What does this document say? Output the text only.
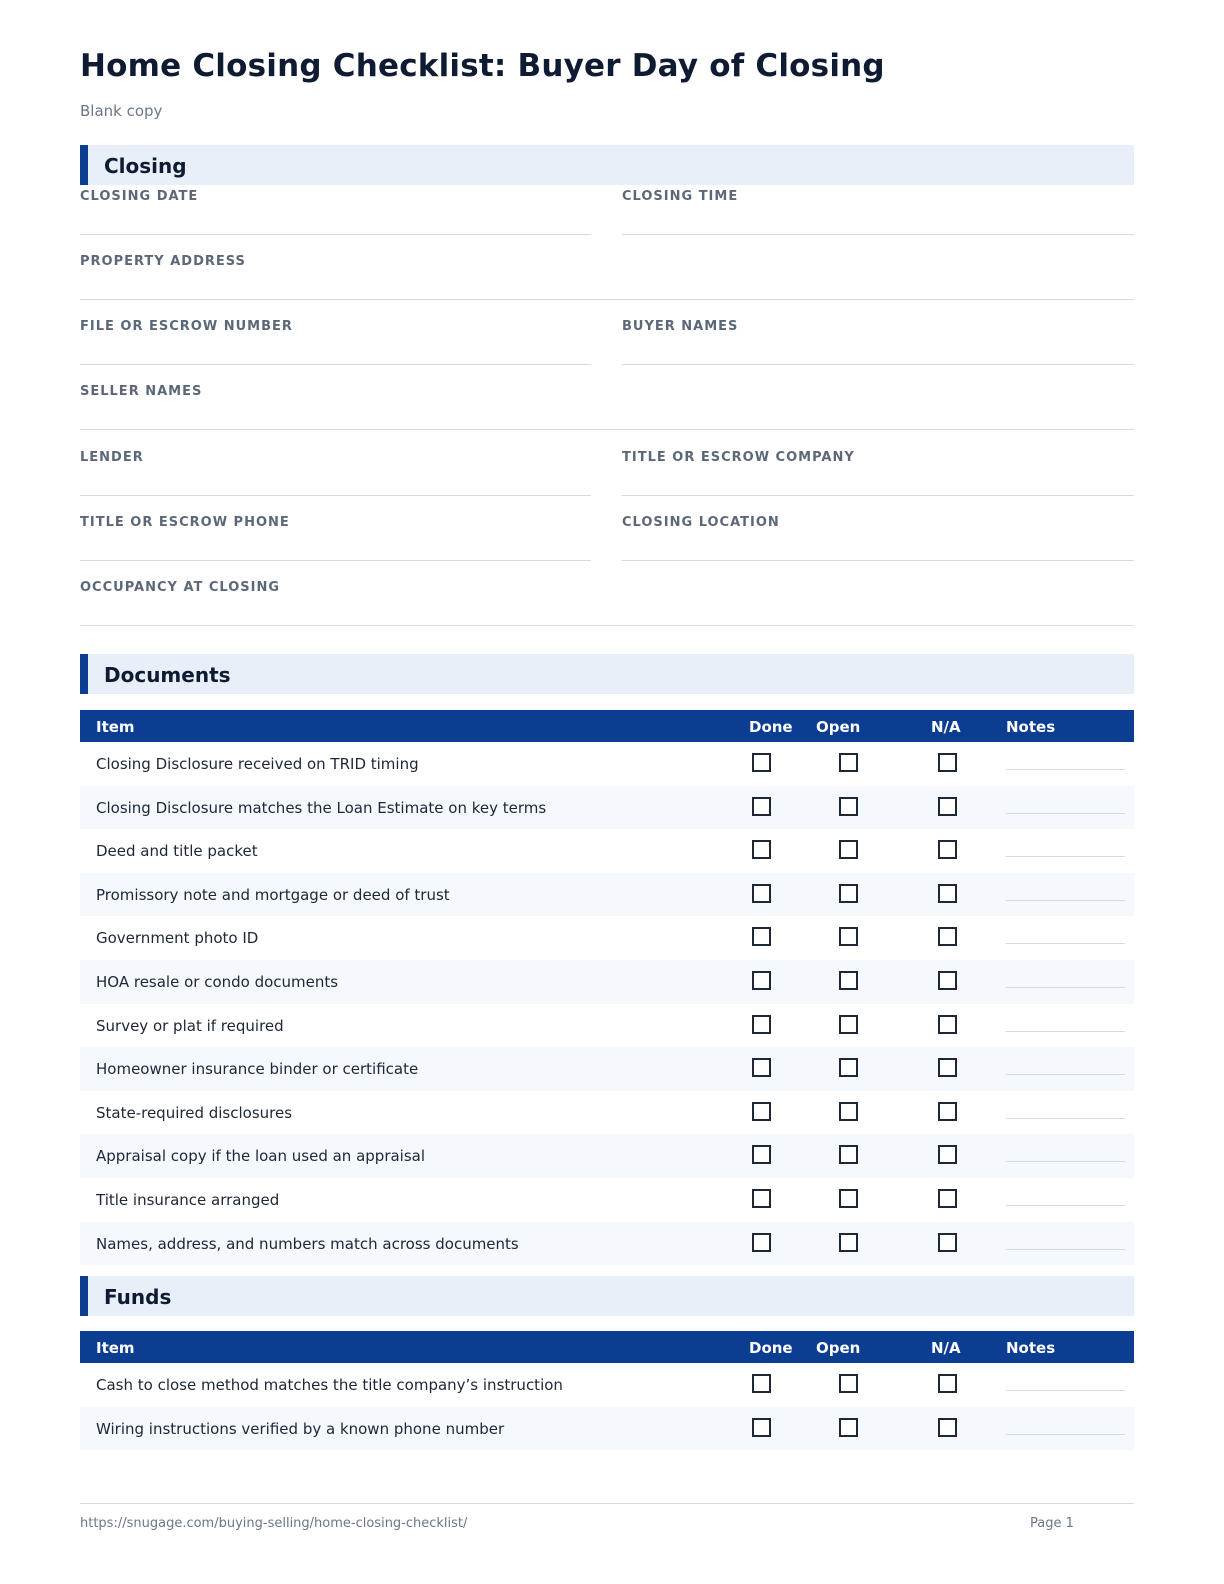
Home Closing Checklist: Buyer Day of Closing
Blank copy
Closing
CLOSING DATE	CLOSING TIME
PROPERTY ADDRESS
FILE OR ESCROW NUMBER	BUYER NAMES
SELLER NAMES
LENDER	TITLE OR ESCROW COMPANY
TITLE OR ESCROW PHONE	CLOSING LOCATION
OCCUPANCY AT CLOSING
Documents
Item	Done Open	N/A	Notes
Closing Disclosure received on TRID timing
Closing Disclosure matches the Loan Estimate on key terms
Deed and title packet
Promissory note and mortgage or deed of trust
Government photo ID
HOA resale or condo documents
Survey or plat if required
Homeowner insurance binder or certificate
State-required disclosures
Appraisal copy if the loan used an appraisal
Title insurance arranged
Names, address, and numbers match across documents
Funds
Item	Done Open	N/A	Notes
Cash to close method matches the title company’s instruction
Wiring instructions verified by a known phone number
https://snugage.com/buying-selling/home-closing-checklist/	Page 1
